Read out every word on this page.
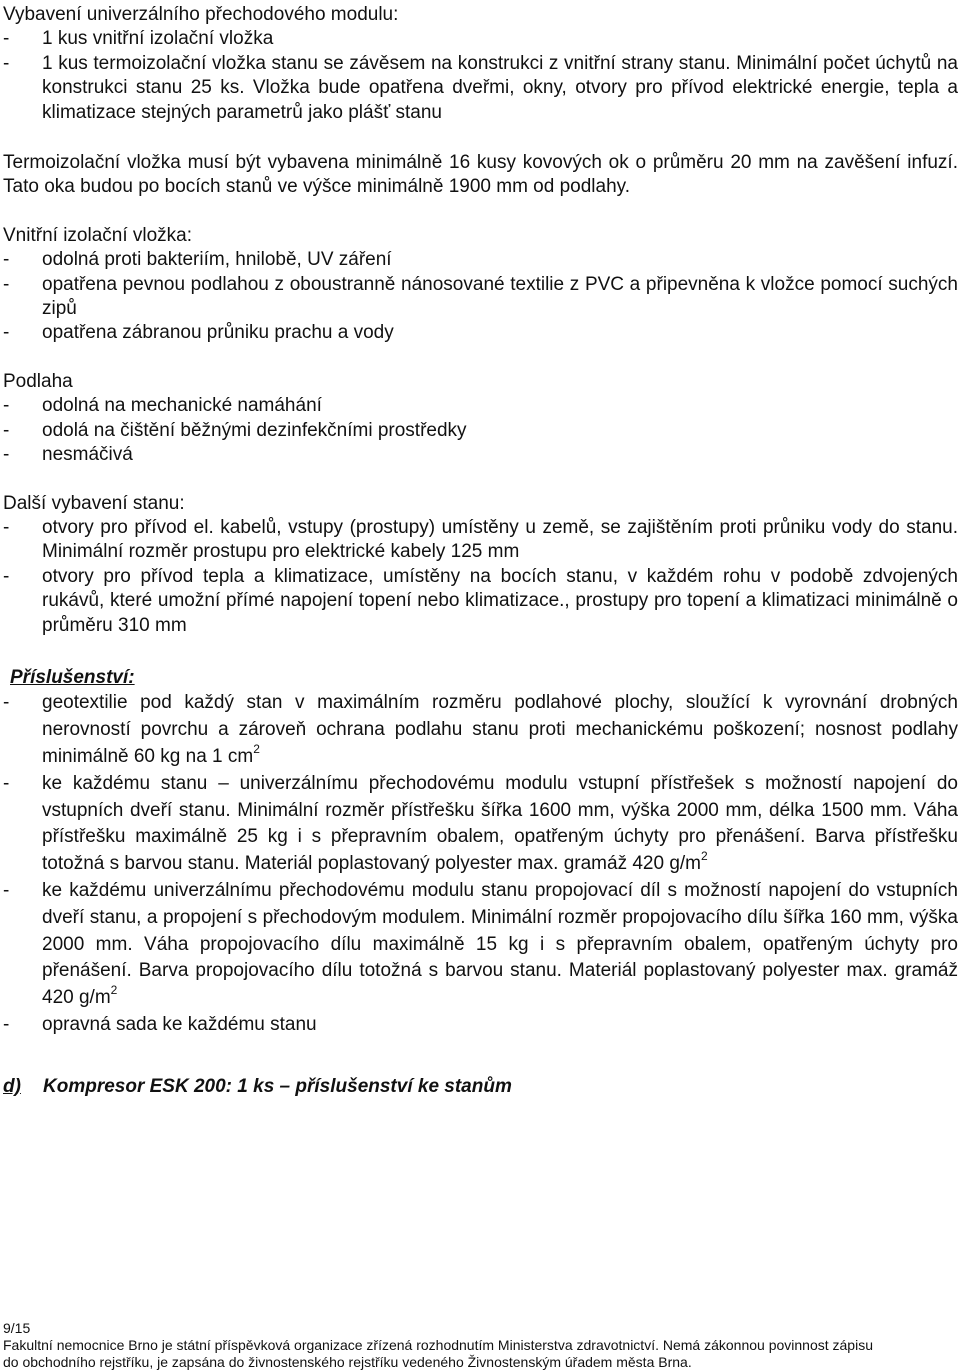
Vybavení univerzálního přechodového modulu:
- 1 kus vnitřní izolační vložka
- 1 kus termoizolační vložka stanu se závěsem na konstrukci z vnitřní strany stanu. Minimální počet úchytů na konstrukci stanu 25 ks. Vložka bude opatřena dveřmi, okny, otvory pro přívod elektrické energie, tepla a klimatizace stejných parametrů jako plášť stanu
Termoizolační vložka musí být vybavena minimálně 16 kusy kovových ok o průměru 20 mm na zavěšení infuzí. Tato oka budou po bocích stanů ve výšce minimálně 1900 mm od podlahy.
Vnitřní izolační vložka:
- odolná proti bakteriím, hnilobě, UV záření
- opatřena pevnou podlahou z oboustranně nánosované textilie z PVC a připevněna k vložce pomocí suchých zipů
- opatřena zábranou průniku prachu a vody
Podlaha
- odolná na mechanické namáhání
- odolá na čištění běžnými dezinfekčními prostředky
- nesmáčivá
Další vybavení stanu:
- otvory pro přívod el. kabelů, vstupy (prostupy) umístěny u země, se zajištěním proti průniku vody do stanu. Minimální rozměr prostupu pro elektrické kabely 125 mm
- otvory pro přívod tepla a klimatizace, umístěny na bocích stanu, v každém rohu v podobě zdvojených rukávů, které umožní přímé napojení topení nebo klimatizace., prostupy pro topení a klimatizaci minimálně o průměru 310 mm
Příslušenství:
- geotextilie pod každý stan v maximálním rozměru podlahové plochy, sloužící k vyrovnání drobných nerovností povrchu a zároveň ochrana podlahu stanu proti mechanickému poškození; nosnost podlahy minimálně 60 kg na 1 $cm^2$
- ke každému stanu – univerzálnímu přechodovému modulu vstupní přístřešek s možností napojení do vstupních dveří stanu. Minimální rozměr přístřešku šířka 1600 mm, výška 2000 mm, délka 1500 mm. Váha přístřešku maximálně 25 kg i s přepravním obalem, opatřeným úchyty pro přenášení. Barva přístřešku totožná s barvou stanu. Materiál poplastovaný polyester max. gramáž 420 $g/m^2$
- ke každému univerzálnímu přechodovému modulu stanu propojovací díl s možností napojení do vstupních dveří stanu, a propojení s přechodovým modulem. Minimální rozměr propojovacího dílu šířka 160 mm, výška 2000 mm. Váha propojovacího dílu maximálně 15 kg i s přepravním obalem, opatřeným úchyty pro přenášení. Barva propojovacího dílu totožná s barvou stanu. Materiál poplastovaný polyester max. gramáž 420 $g/m^2$
- opravná sada ke každému stanu
d) Kompresor ESK 200: 1 ks – příslušenství ke stanům
9/15
Fakultní nemocnice Brno je státní příspěvková organizace zřízená rozhodnutím Ministerstva zdravotnictví. Nemá zákonnou povinnost zápisu
do obchodního rejstříku, je zapsána do živnostenského rejstříku vedeného Živnostenským úřadem města Brna.
